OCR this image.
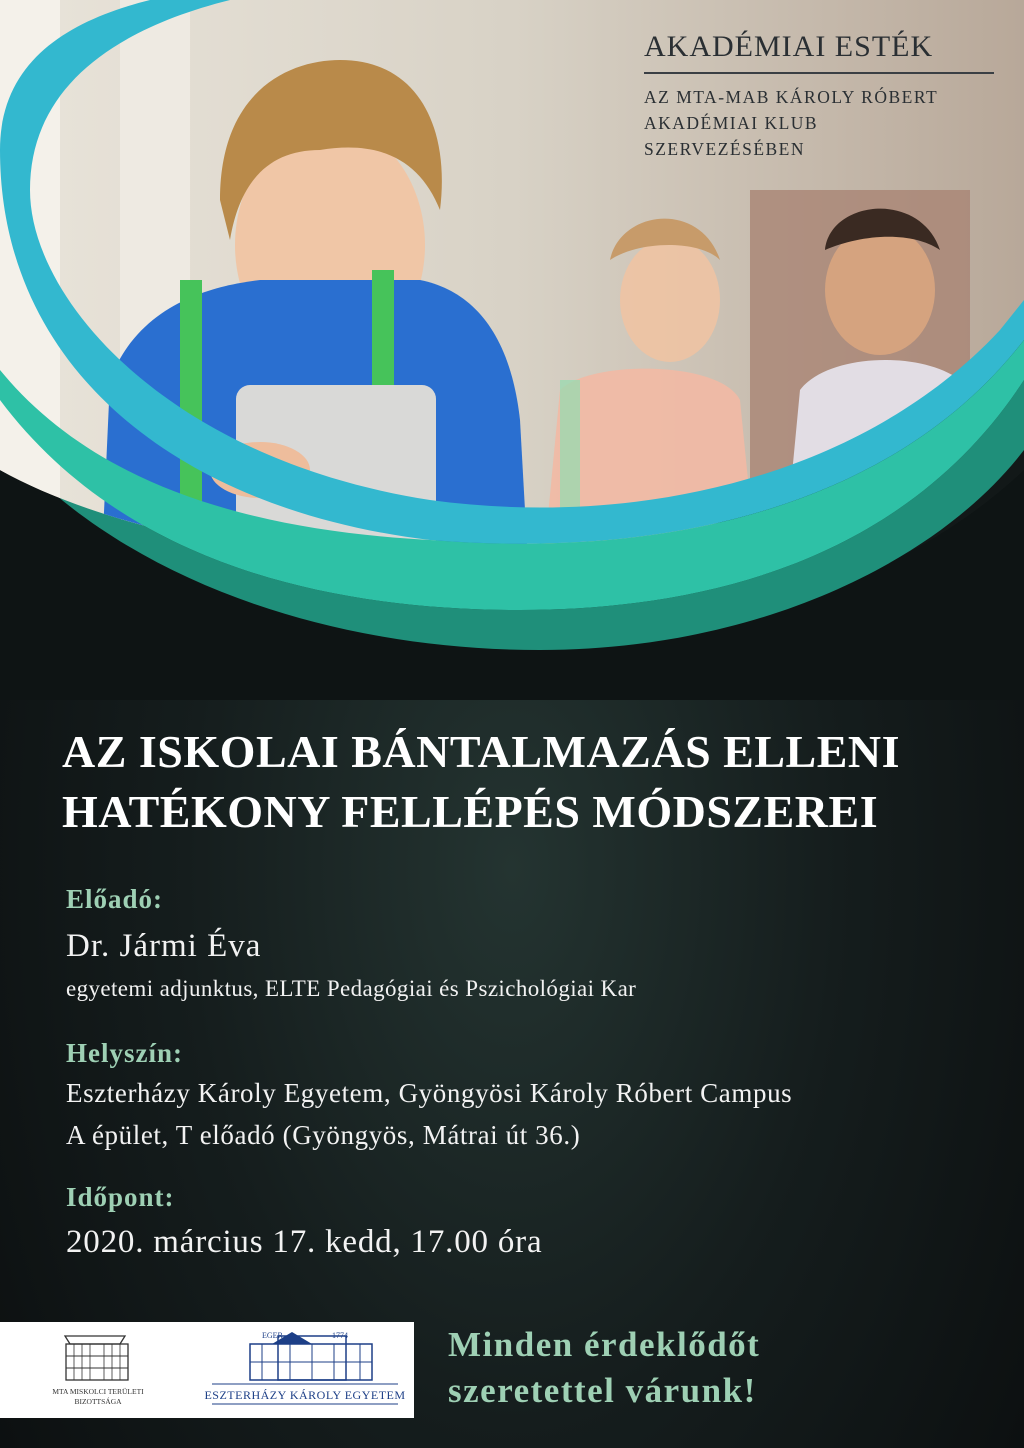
AKADÉMIAI ESTÉK

AZ MTA-MAB KÁROLY RÓBERT
AKADÉMIAI KLUB
SZERVEZÉSÉBEN
AZ ISKOLAI BÁNTALMAZÁS ELLENI
HATÉKONY FELLÉPÉS MÓDSZEREI
Előadó:
Dr. Jármi Éva
egyetemi adjunktus, ELTE Pedagógiai és Pszichológiai Kar
Helyszín:
Eszterházy Károly Egyetem, Gyöngyösi Károly Róbert Campus
A épület, T előadó (Gyöngyös, Mátrai út 36.)
Időpont:
2020. március 17. kedd, 17.00 óra
MTA MISKOLCI TERÜLETI
BIZOTTSÁGA
EGER	1774
ESZTERHÁZY KÁROLY EGYETEM
Minden érdeklődőt
szeretettel várunk!
